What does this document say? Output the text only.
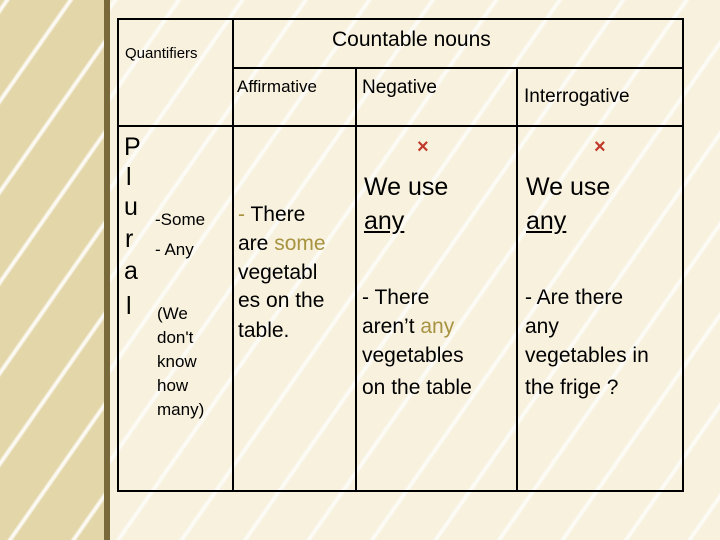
Quantifiers
Countable nouns
Affirmative Negative	Interrogative
P
l
u
r
a
l
-Some
- Any
(We
don't
know
how
many)
- There
are some
vegetabl
es on the
table.
×
We use
any
- There
aren’t any
vegetables
on the table
×
We use
any
- Are there
any
vegetables in
the frige ?
